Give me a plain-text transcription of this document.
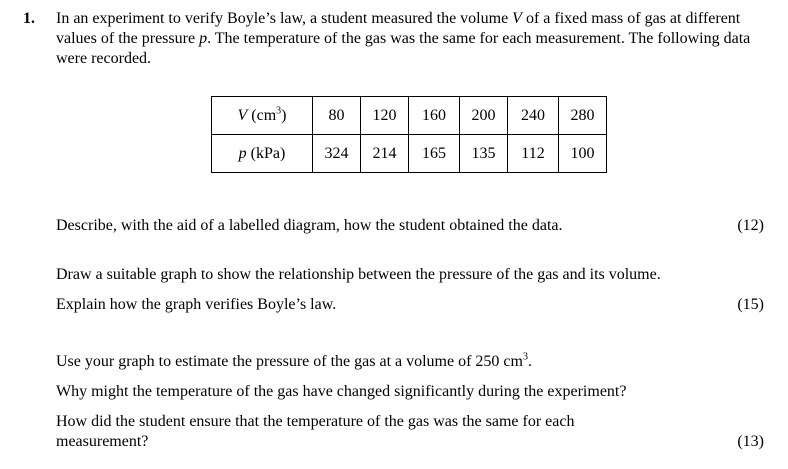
1. In an experiment to verify Boyle’s law, a student measured the volume V of a fixed mass of gas at different values of the pressure p. The temperature of the gas was the same for each measurement. The following data were recorded.

V $(cm^3)$	80	120	160	200	240	280
p (kPa)	324	214	165	135	112	100
Describe, with the aid of a labelled diagram, how the student obtained the data.	(12)
Draw a suitable graph to show the relationship between the pressure of the gas and its volume.
Explain how the graph verifies Boyle’s law.	(15)
Use your graph to estimate the pressure of the gas at a volume of 250 $cm^3$.
Why might the temperature of the gas have changed significantly during the experiment?
How did the student ensure that the temperature of the gas was the same for each
measurement?	(13)
